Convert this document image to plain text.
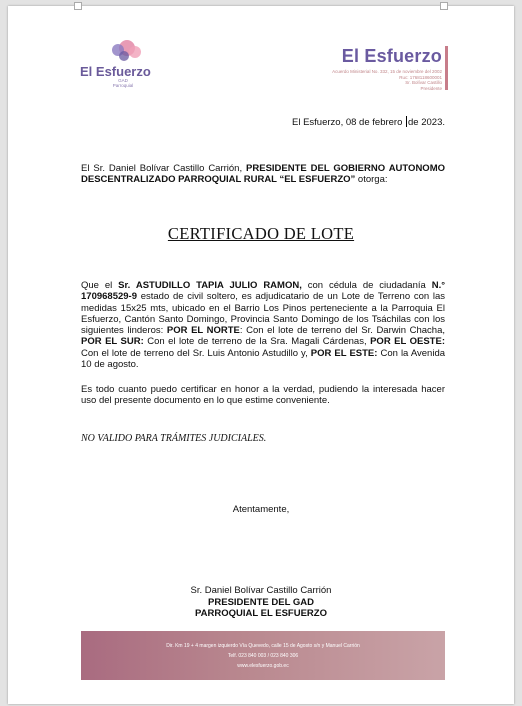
El Esfuerzo
GAD Parroquial
El Esfuerzo
Acuerdo Ministerial No. 332, 15 de noviembre del 2002
Ruc: 1768118600001
Sr. Bolívar Castillo
Presidente
El Esfuerzo, 08 de febrero de 2023.
El Sr. Daniel Bolívar Castillo Carrión, PRESIDENTE DEL GOBIERNO AUTONOMO DESCENTRALIZADO PARROQUIAL RURAL “EL ESFUERZO” otorga:
CERTIFICADO DE LOTE
Que el Sr. ASTUDILLO TAPIA JULIO RAMON, con cédula de ciudadanía N.° 170968529-9 estado de civil soltero, es adjudicatario de un Lote de Terreno con las medidas 15x25 mts, ubicado en el Barrio Los Pinos perteneciente a la Parroquia El Esfuerzo, Cantón Santo Domingo, Provincia Santo Domingo de los Tsáchilas con los siguientes linderos: POR EL NORTE: Con el lote de terreno del Sr. Darwin Chacha, POR EL SUR: Con el lote de terreno de la Sra. Magali Cárdenas, POR EL OESTE: Con el lote de terreno del Sr. Luis Antonio Astudillo y, POR EL ESTE: Con la Avenida 10 de agosto.
Es todo cuanto puedo certificar en honor a la verdad, pudiendo la interesada hacer uso del presente documento en lo que estime conveniente.
NO VALIDO PARA TRÁMITES JUDICIALES.
Atentamente,
Sr. Daniel Bolívar Castillo Carrión
PRESIDENTE DEL GAD
PARROQUIAL EL ESFUERZO
Dir. Km 19 + 4 margen izquierdo Vía Quevedo, calle 15 de Agosto s/n y Manuel Carrión
Telf. 023 840 003 / 023 840 306
www.elesfuerzo.gob.ec
